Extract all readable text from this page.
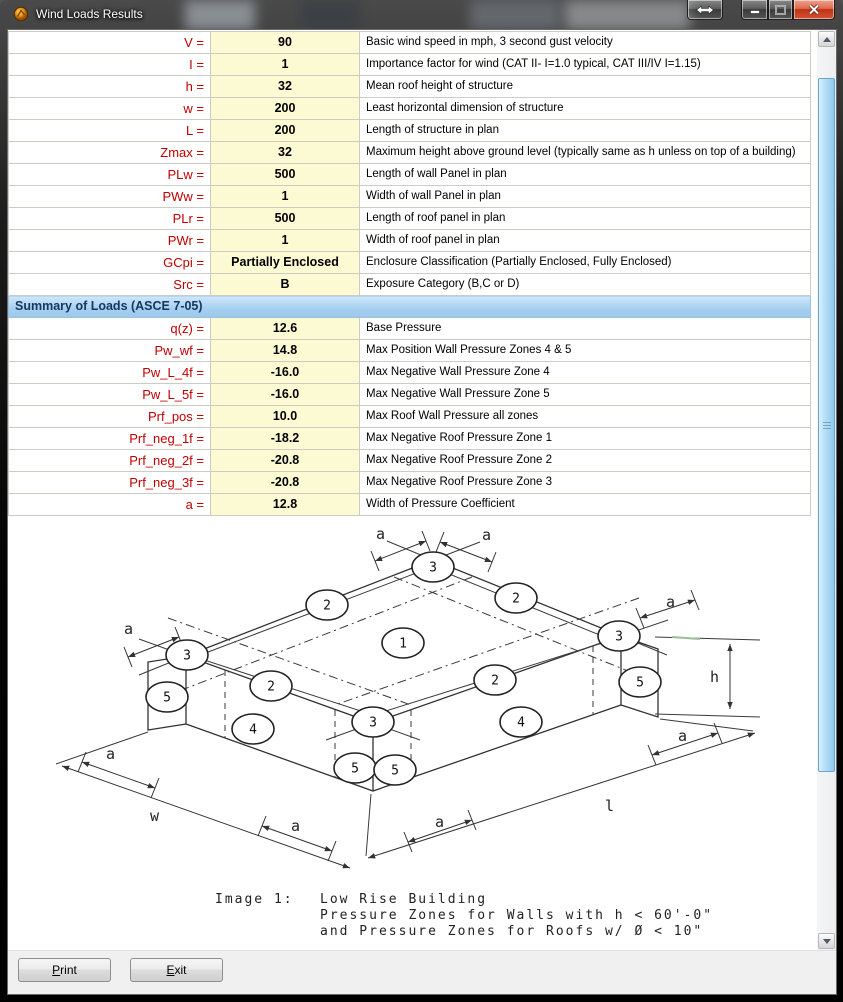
Wind Loads Results
V =	90	Basic wind speed in mph, 3 second gust velocity
I =	1	Importance factor for wind (CAT II- I=1.0 typical, CAT III/IV I=1.15)
h =	32	Mean roof height of structure
w =	200	Least horizontal dimension of structure
L =	200	Length of structure in plan
Zmax =	32	Maximum height above ground level (typically same as h unless on top of a building)
PLw =	500	Length of wall Panel in plan
PWw =	1	Width of wall Panel in plan
PLr =	500	Length of roof panel in plan
PWr =	1	Width of roof panel in plan
GCpi =	Partially Enclosed	Enclosure Classification (Partially Enclosed, Fully Enclosed)
Src =	B	Exposure Category (B,C or D)
Summary of Loads (ASCE 7-05)		
q(z) =	12.6	Base Pressure
Pw_wf =	14.8	Max Position Wall Pressure Zones 4 & 5
Pw_L_4f =	-16.0	Max Negative Wall Pressure Zone 4
Pw_L_5f =	-16.0	Max Negative Wall Pressure Zone 5
Prf_pos =	10.0	Max Roof Wall Pressure all zones
Prf_neg_1f =	-18.2	Max Negative Roof Pressure Zone 1
Prf_neg_2f =	-20.8	Max Negative Roof Pressure Zone 2
Prf_neg_3f =	-20.8	Max Negative Roof Pressure Zone 3
a =	12.8	Width of Pressure Coefficient
a	a
a
a
a
a	a
a
w
l
h
3
2	2
3
1	3
2	2
5
3
4	4
5
5 5
Image 1:	Low Rise Building
Pressure Zones for Walls with h < 60'-0"
and Pressure Zones for Roofs w/ Ø < 10"
Print	Exit
